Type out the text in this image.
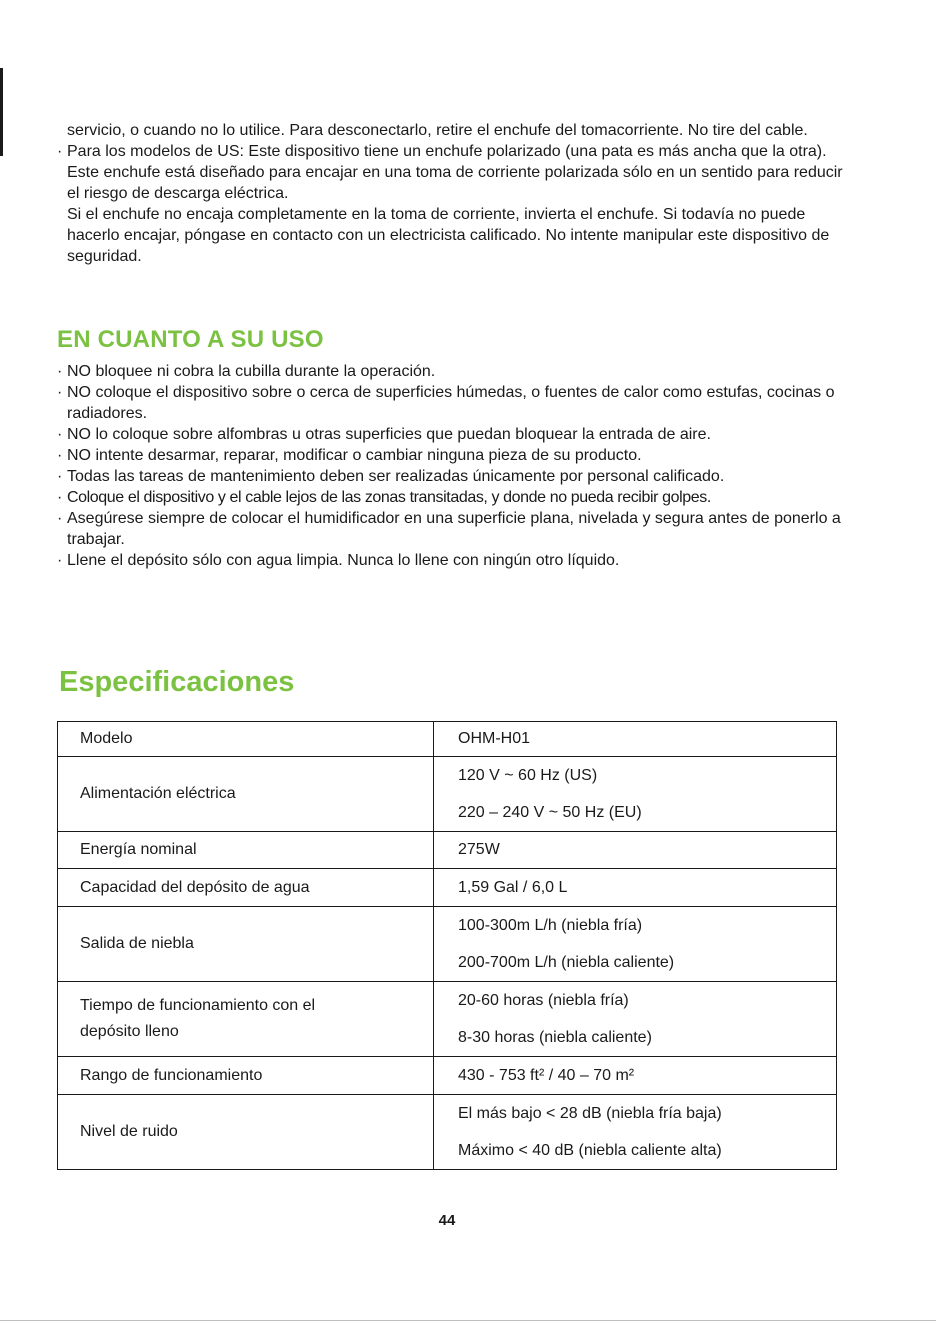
servicio, o cuando no lo utilice. Para desconectarlo, retire el enchufe del tomacorriente. No tire del cable.

· Para los modelos de US: Este dispositivo tiene un enchufe polarizado (una pata es más ancha que la otra). Este enchufe está diseñado para encajar en una toma de corriente polarizada sólo en un sentido para reducir el riesgo de descarga eléctrica.

Si el enchufe no encaja completamente en la toma de corriente, invierta el enchufe. Si todavía no puede hacerlo encajar, póngase en contacto con un electricista calificado. No intente manipular este dispositivo de seguridad.

EN CUANTO A SU USO
· NO bloquee ni cobra la cubilla durante la operación.
· NO coloque el dispositivo sobre o cerca de superficies húmedas, o fuentes de calor como estufas, cocinas o radiadores.
· NO lo coloque sobre alfombras u otras superficies que puedan bloquear la entrada de aire.
· NO intente desarmar, reparar, modificar o cambiar ninguna pieza de su producto.
· Todas las tareas de mantenimiento deben ser realizadas únicamente por personal calificado.
· Coloque el dispositivo y el cable lejos de las zonas transitadas, y donde no pueda recibir golpes.
· Asegúrese siempre de colocar el humidificador en una superficie plana, nivelada y segura antes de ponerlo a trabajar.
· Llene el depósito sólo con agua limpia. Nunca lo llene con ningún otro líquido.
Especificaciones
Modelo	OHM-H01

Alimentación eléctrica	120 V ~ 60 Hz (US)
220 – 240 V ~ 50 Hz (EU)

Energía nominal	275W

Capacidad del depósito de agua	1,59 Gal / 6,0 L

Salida de niebla	100-300m L/h (niebla fría)
200-700m L/h (niebla caliente)

Tiempo de funcionamiento con el depósito lleno	20-60 horas (niebla fría)
8-30 horas (niebla caliente)

Rango de funcionamiento	430 - 753 ft² / 40 – 70 m²

Nivel de ruido	El más bajo < 28 dB (niebla fría baja)
Máximo < 40 dB (niebla caliente alta)
44
